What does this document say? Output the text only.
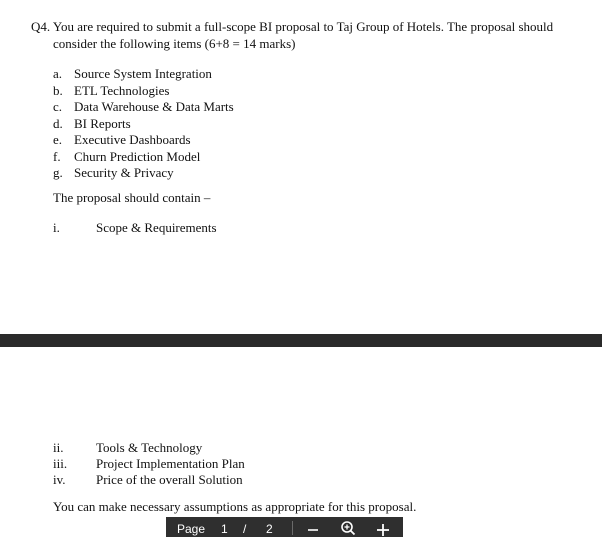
Q4. You are required to submit a full-scope BI proposal to Taj Group of Hotels. The proposal should
consider the following items (6+8 = 14 marks)
a. Source System Integration
b. ETL Technologies
c. Data Warehouse & Data Marts
d. BI Reports
e. Executive Dashboards
f. Churn Prediction Model
g. Security & Privacy
The proposal should contain –
i.	Scope & Requirements
ii.	Tools & Technology
iii. Project Implementation Plan
iv. Price of the overall Solution
You can make necessary assumptions as appropriate for this proposal.
Page 1 / 2
